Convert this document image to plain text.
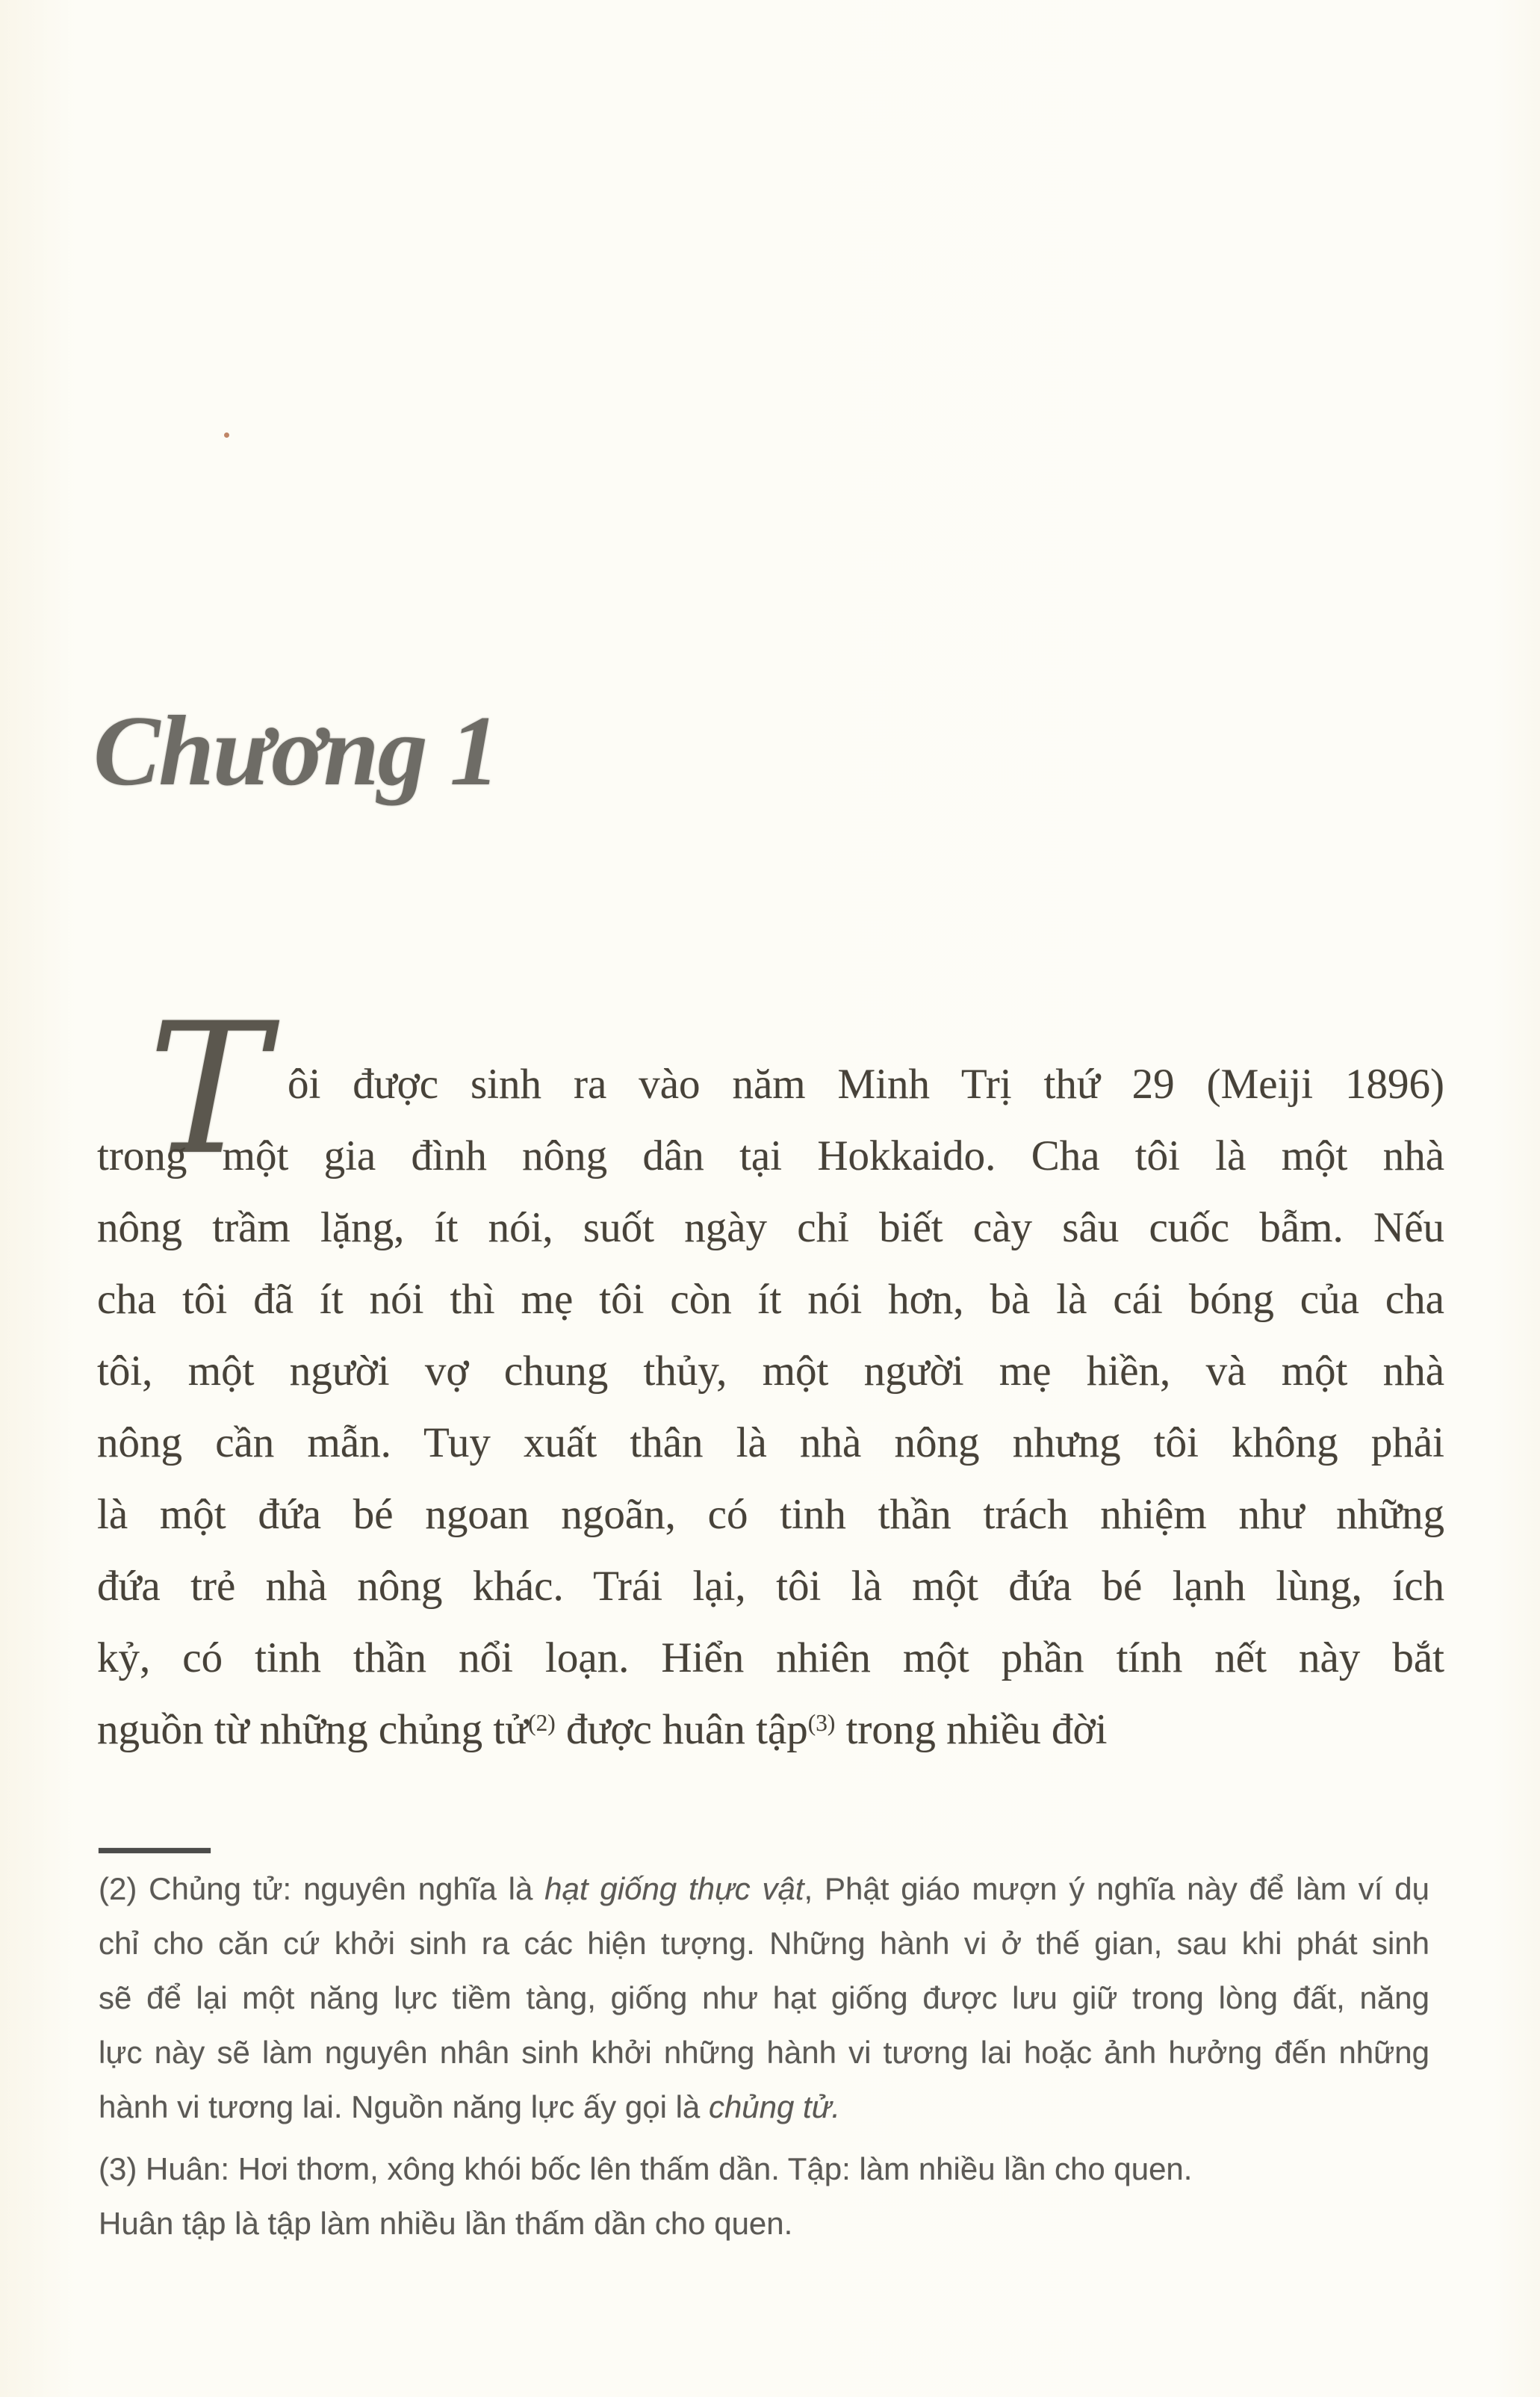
Chương 1
T ôi được sinh ra vào năm Minh Trị thứ 29 (Meiji 1896)
trong một gia đình nông dân tại Hokkaido. Cha tôi là một nhà
nông trầm lặng, ít nói, suốt ngày chỉ biết cày sâu cuốc bẫm. Nếu
cha tôi đã ít nói thì mẹ tôi còn ít nói hơn, bà là cái bóng của cha
tôi, một người vợ chung thủy, một người mẹ hiền, và một nhà
nông cần mẫn. Tuy xuất thân là nhà nông nhưng tôi không phải
là một đứa bé ngoan ngoãn, có tinh thần trách nhiệm như những
đứa trẻ nhà nông khác. Trái lại, tôi là một đứa bé lạnh lùng, ích
kỷ, có tinh thần nổi loạn. Hiển nhiên một phần tính nết này bắt
nguồn từ những chủng tử$^{(2)}$ được huân tập$^{(3)}$ trong nhiều đời
(2) Chủng tử: nguyên nghĩa là hạt giống thực vật, Phật giáo mượn ý nghĩa này để làm ví dụ
chỉ cho căn cứ khởi sinh ra các hiện tượng. Những hành vi ở thế gian, sau khi phát sinh
sẽ để lại một năng lực tiềm tàng, giống như hạt giống được lưu giữ trong lòng đất, năng
lực này sẽ làm nguyên nhân sinh khởi những hành vi tương lai hoặc ảnh hưởng đến những
hành vi tương lai. Nguồn năng lực ấy gọi là chủng tử.
(3) Huân: Hơi thơm, xông khói bốc lên thấm dần. Tập: làm nhiều lần cho quen.
Huân tập là tập làm nhiều lần thấm dần cho quen.
